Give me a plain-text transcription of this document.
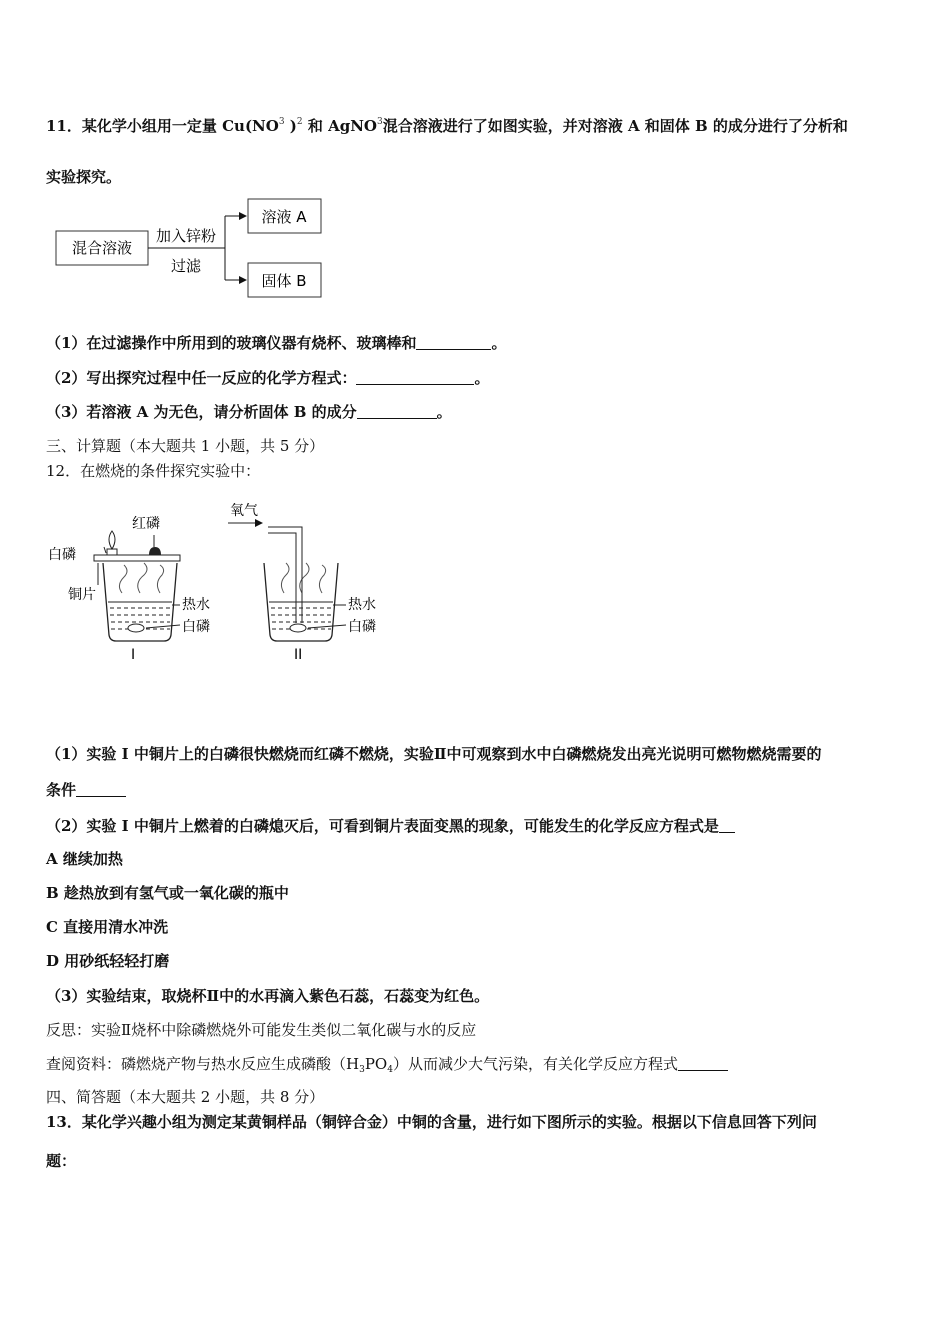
11．某化学小组用一定量 $Cu(NO^3$ )$^2$ 和 AgNO$^3$混合溶液进行了如图实验，并对溶液 A 和固体 B 的成分进行了分析和
实验探究。
混合溶液
加入锌粉
过滤
溶液 A
固体 B
（1）在过滤操作中所用到的玻璃仪器有烧杯、玻璃棒和	。
（2）写出探究过程中任一反应的化学方程式：	。
（3）若溶液 A 为无色，请分析固体 B 的成分	。
三、计算题（本大题共 1 小题，共 5 分）
12．在燃烧的条件探究实验中：
红磷
白磷
铜片
热水
白磷
I
氧气
热水
白磷
II
（1）实验 I 中铜片上的白磷很快燃烧而红磷不燃烧，实验Ⅱ中可观察到水中白磷燃烧发出亮光说明可燃物燃烧需要的
条件
（2）实验 I 中铜片上燃着的白磷熄灭后，可看到铜片表面变黑的现象，可能发生的化学反应方程式是
A 继续加热
B 趁热放到有氢气或一氧化碳的瓶中
C 直接用清水冲洗
D 用砂纸轻轻打磨
（3）实验结束，取烧杯Ⅱ中的水再滴入紫色石蕊，石蕊变为红色。
反思：实验Ⅱ烧杯中除磷燃烧外可能发生类似二氧化碳与水的反应
查阅资料：磷燃烧产物与热水反应生成磷酸$(H_3PO_4)$从而减少大气污染，有关化学反应方程式
四、简答题（本大题共 2 小题，共 8 分）
13．某化学兴趣小组为测定某黄铜样品（铜锌合金）中铜的含量，进行如下图所示的实验。根据以下信息回答下列问
题：
